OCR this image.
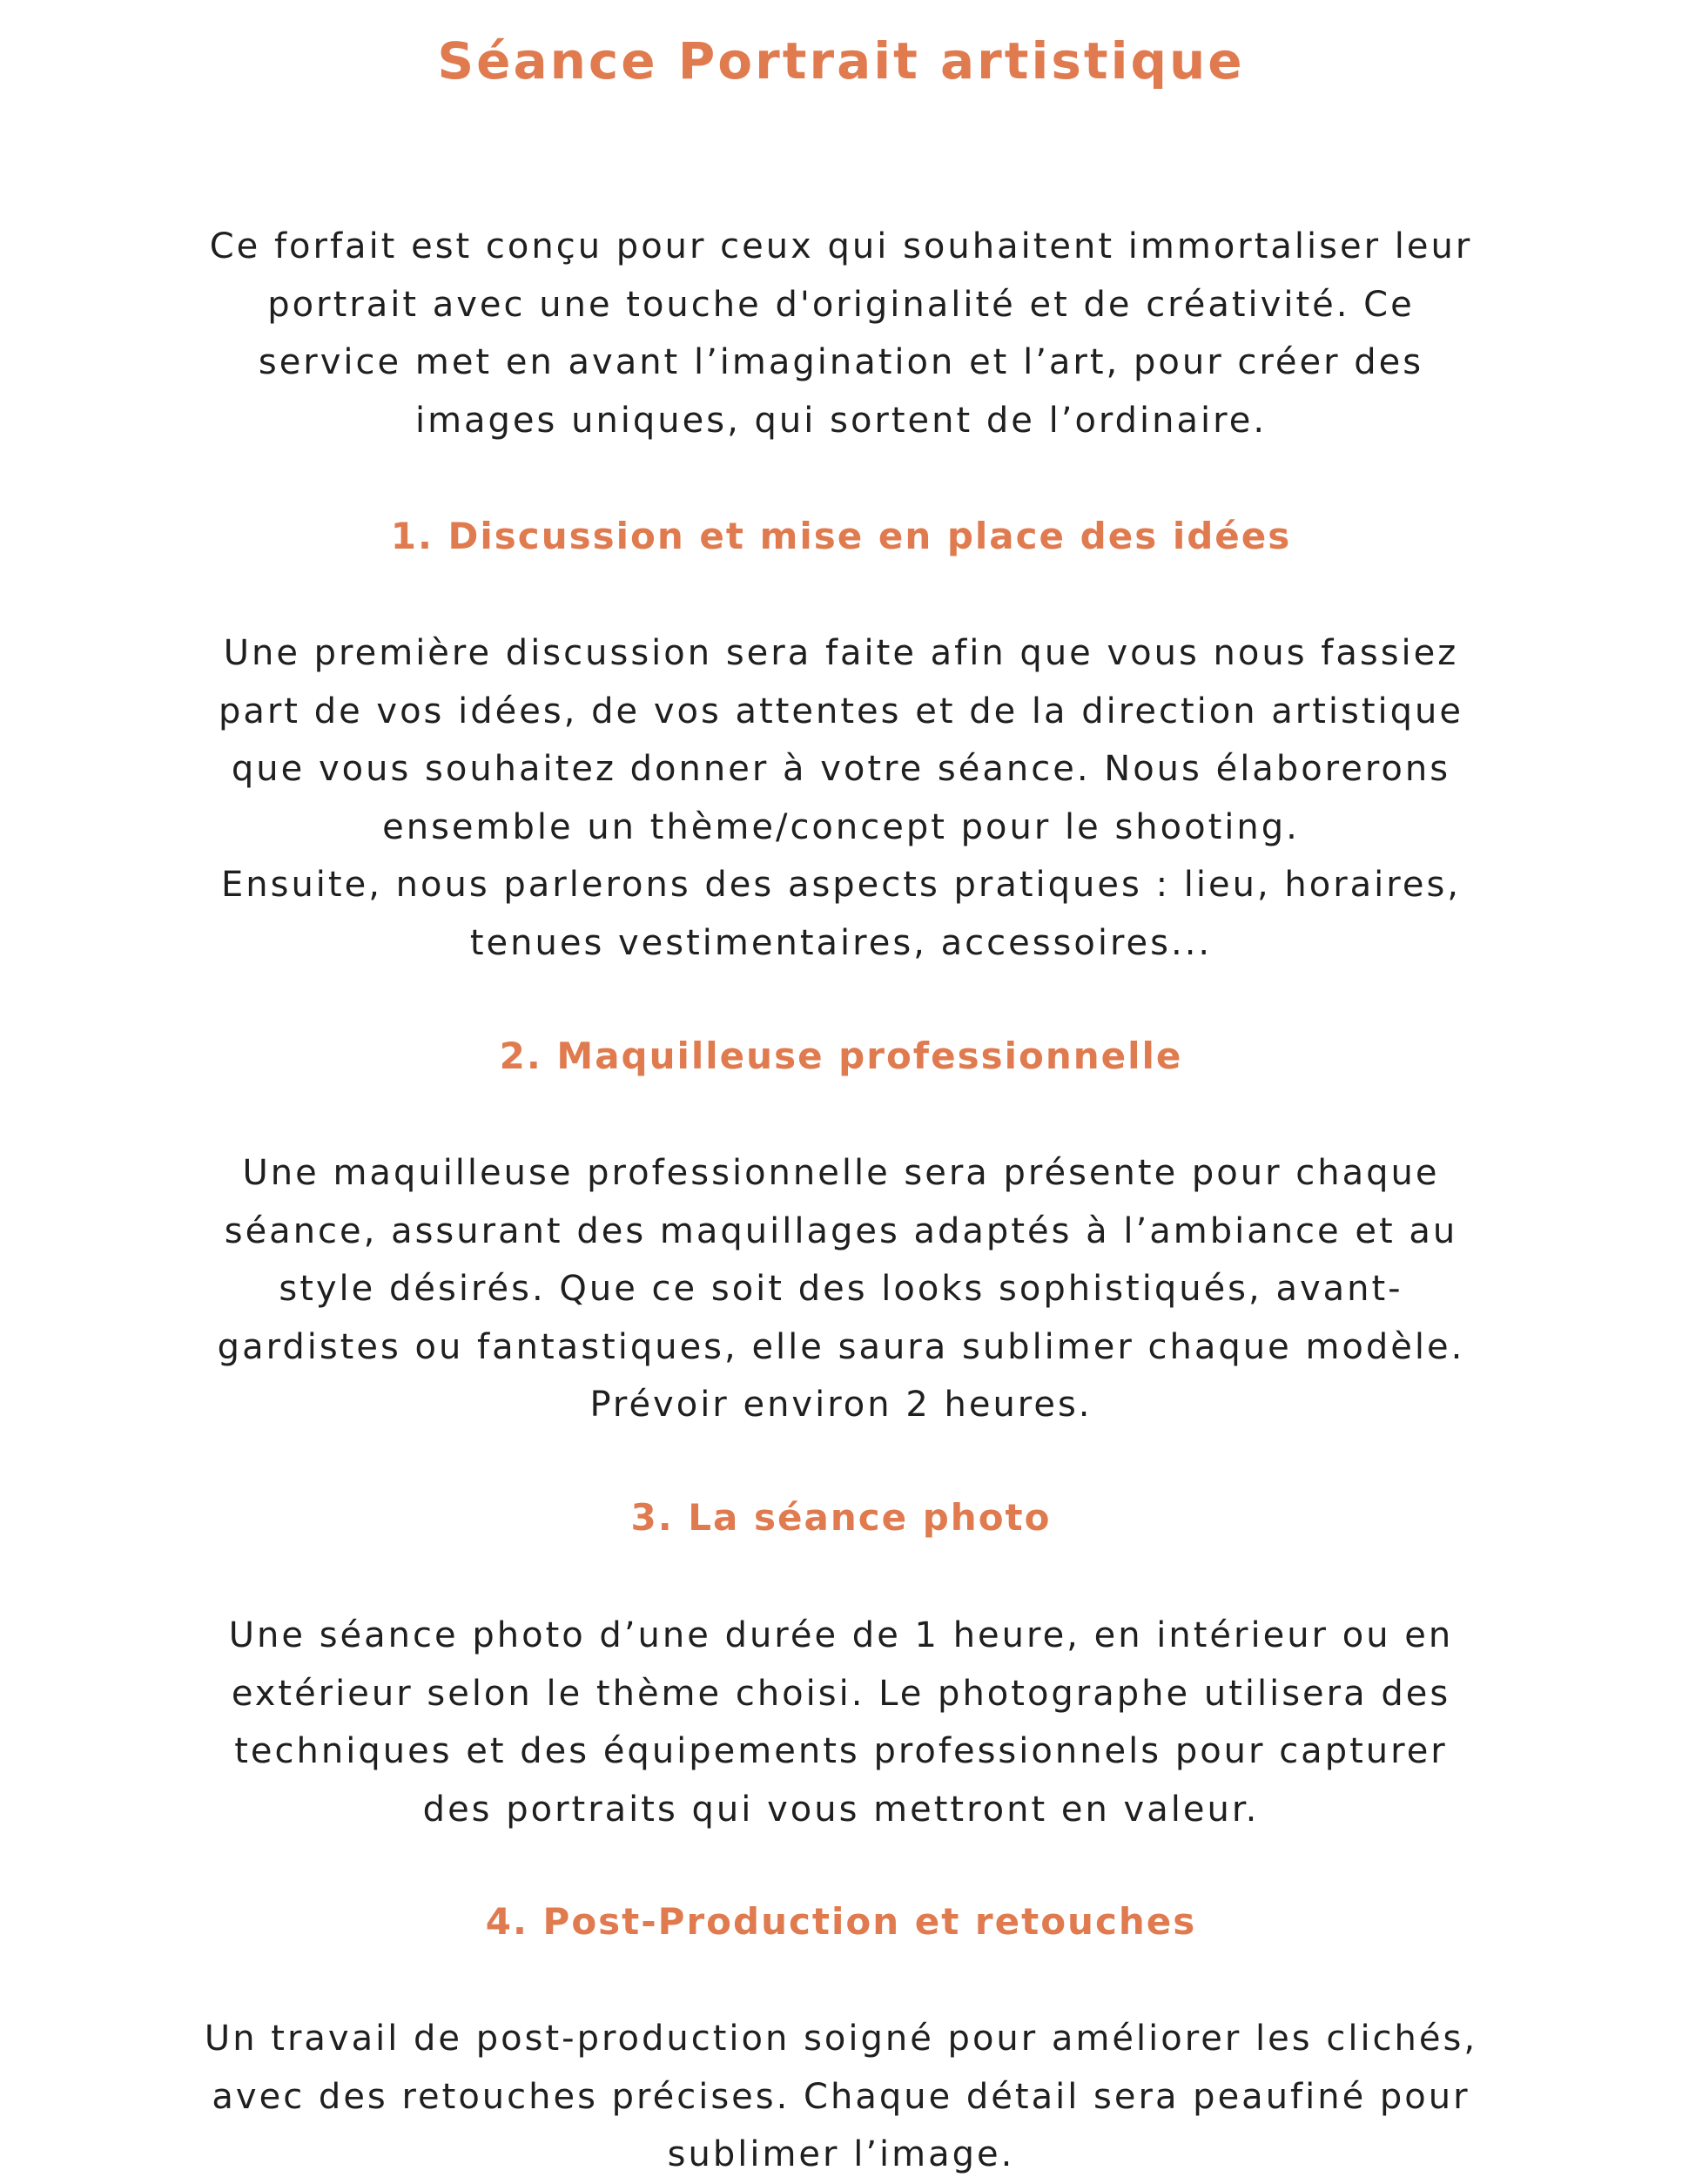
Séance Portrait artistique
Ce forfait est conçu pour ceux qui souhaitent immortaliser leur
portrait avec une touche d'originalité et de créativité. Ce
service met en avant l’imagination et l’art, pour créer des
images uniques, qui sortent de l’ordinaire.
1. Discussion et mise en place des idées
Une première discussion sera faite afin que vous nous fassiez
part de vos idées, de vos attentes et de la direction artistique
que vous souhaitez donner à votre séance. Nous élaborerons
ensemble un thème/concept pour le shooting.
Ensuite, nous parlerons des aspects pratiques : lieu, horaires,
tenues vestimentaires, accessoires...
2. Maquilleuse professionnelle
Une maquilleuse professionnelle sera présente pour chaque
séance, assurant des maquillages adaptés à l’ambiance et au
style désirés. Que ce soit des looks sophistiqués, avant-
gardistes ou fantastiques, elle saura sublimer chaque modèle.
Prévoir environ 2 heures.
3. La séance photo
Une séance photo d’une durée de 1 heure, en intérieur ou en
extérieur selon le thème choisi. Le photographe utilisera des
techniques et des équipements professionnels pour capturer
des portraits qui vous mettront en valeur.
4. Post-Production et retouches
Un travail de post-production soigné pour améliorer les clichés,
avec des retouches précises. Chaque détail sera peaufiné pour
sublimer l’image.
